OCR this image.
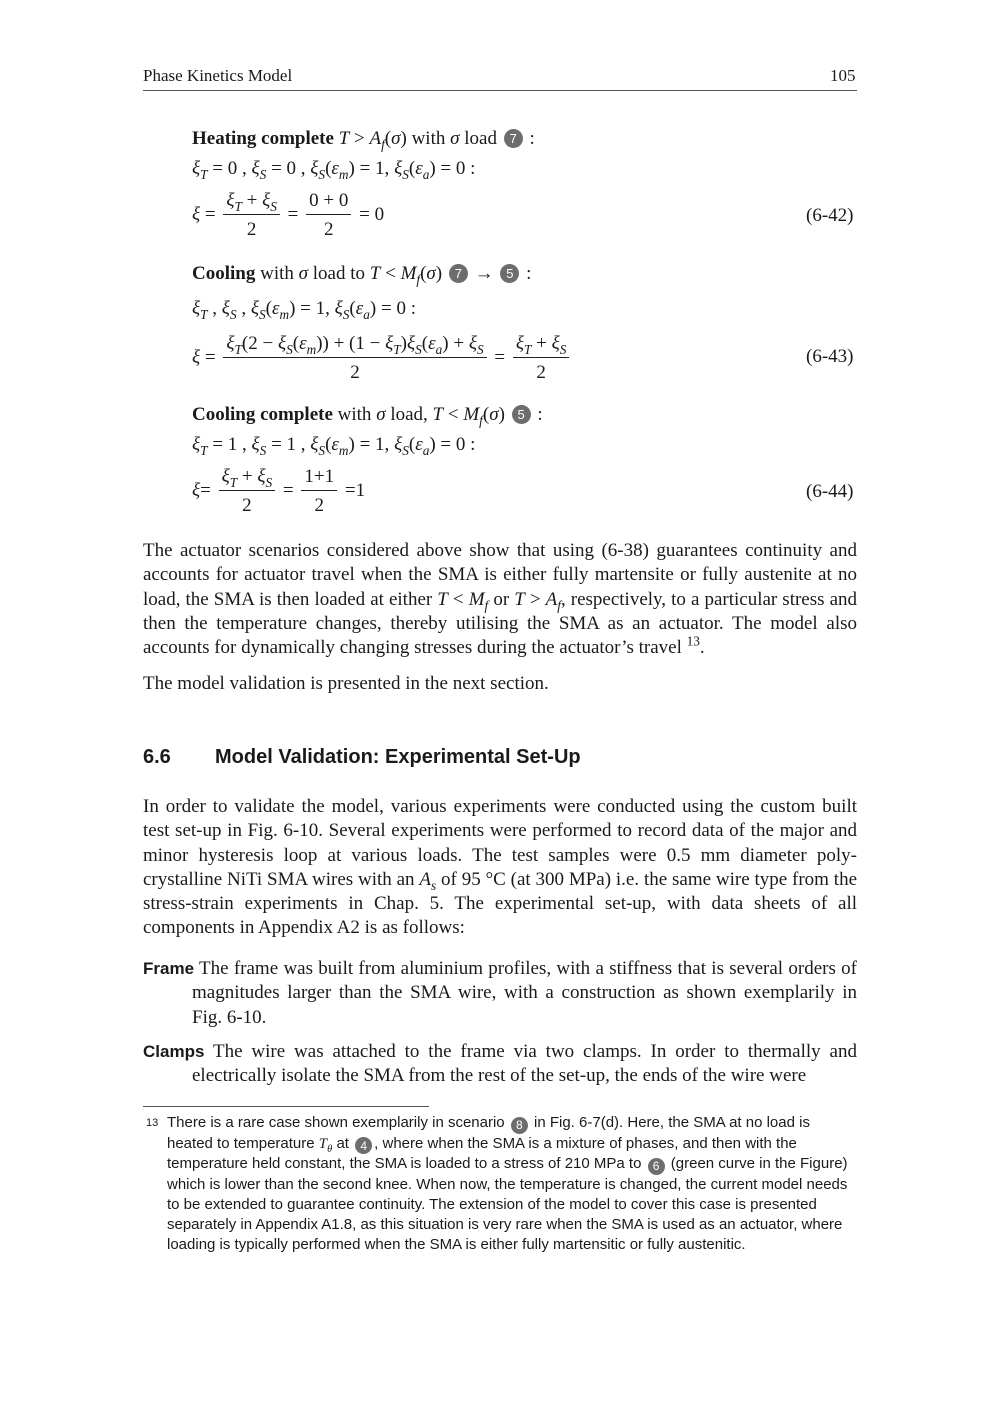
Phase Kinetics Model	105
Heating complete $T > A_f(\sigma)$ with σ load 7 :
$\xi_T = 0$ , $\xi_S = 0$ , $\xi_S(\varepsilon_m) = 1$, $\xi_S(\varepsilon_a) = 0$ :
$\xi = \frac{\xi_T + \xi_S}{2} = \frac{0 + 0}{2} = 0$	(6-42)
Cooling with σ load to $T < M_f(\sigma) 7 \to 5$ :
$\xi_T$ , $\xi_S$ , $\xi_S(\varepsilon_m) = 1$, $\xi_S(\varepsilon_a) = 0$ :
$\xi = \frac{\xi_T(2 - \xi_S(\varepsilon_m)) + (1 - \xi_T)\xi_S(\varepsilon_a) + \xi_S}{2} = \frac{\xi_T + \xi_S}{2}$	(6-43)
Cooling complete with σ load, $T < M_f(\sigma)$ 5 :
$\xi_T = 1$ , $\xi_S = 1$ , $\xi_S(\varepsilon_m) = 1$, $\xi_S(\varepsilon_a) = 0$ :
$\xi= \frac{\xi_T + \xi_S}{2} = \frac{1+1}{2} =1$	(6-44)

The actuator scenarios considered above show that using (6-38) guarantees continuity and accounts for actuator travel when the SMA is either fully martensite or fully austenite at no load, the SMA is then loaded at either $T < M_f$ or $T > A_f$, respectively, to a particular stress and then the temperature changes, thereby utilising the SMA as an actuator. The model also accounts for dynamically changing stresses during the actuator’s travel $^{13}$.

The model validation is presented in the next section.
6.6 Model Validation: Experimental Set-Up

In order to validate the model, various experiments were conducted using the custom built test set-up in Fig. 6-10. Several experiments were performed to record data of the major and minor hysteresis loop at various loads. The test samples were 0.5 mm diameter poly-crystalline NiTi SMA wires with an $A_s$ of 95 °C (at 300 MPa) i.e. the same wire type from the stress-strain experiments in Chap. 5. The experimental set-up, with data sheets of all components in Appendix A2 is as follows:

Frame The frame was built from aluminium profiles, with a stiffness that is several orders of magnitudes larger than the SMA wire, with a construction as shown exemplarily in Fig. 6-10.

Clamps The wire was attached to the frame via two clamps. In order to thermally and electrically isolate the SMA from the rest of the set-up, the ends of the wire were

13 There is a rare case shown exemplarily in scenario 8 in Fig. 6-7(d). Here, the SMA at no load is heated to temperature $T_\theta$ at 4 , where when the SMA is a mixture of phases, and then with the temperature held constant, the SMA is loaded to a stress of 210 MPa to 6 (green curve in the Figure) which is lower than the second knee. When now, the temperature is changed, the current model needs to be extended to guarantee continuity. The extension of the model to cover this case is presented separately in Appendix A1.8, as this situation is very rare when the SMA is used as an actuator, where loading is typically performed when the SMA is either fully martensitic or fully austenitic.
